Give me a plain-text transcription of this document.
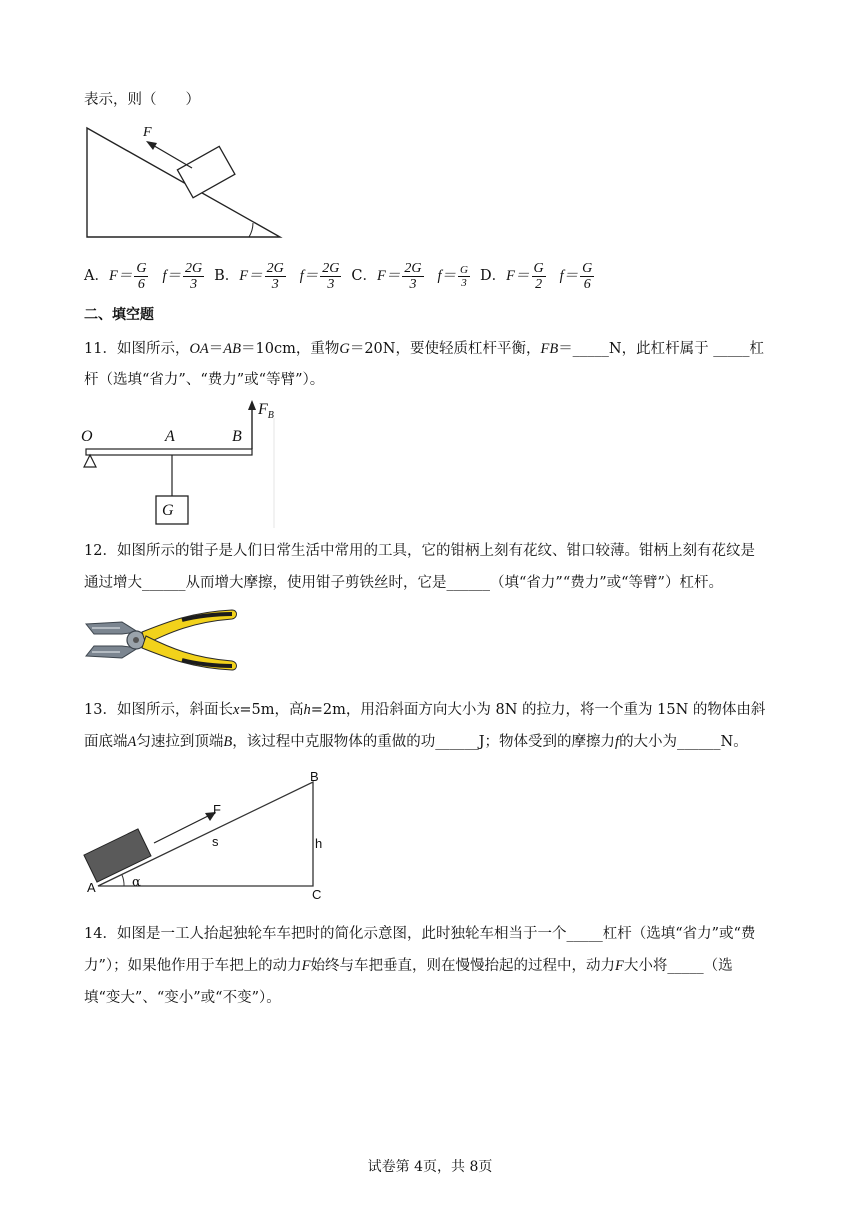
表示，则（　　）
F
A．$F= \frac{G}{6} f= \frac{2G}{3}$ B．$F= \frac{2G}{3} f= \frac{2G}{3}$ C．$F= \frac{2G}{3} f= \frac{G}{3}$ D．$F= \frac{G}{2} f= \frac{G}{6}$
二、填空题
11．如图所示，OA＝AB＝10cm，重物G＝20N，要使轻质杠杆平衡，FB＝_____N，此杠杆属于 _____杠
杆（选填“省力”、“费力”或“等臂”）。
O	A	B
$F_B$
G
12．如图所示的钳子是人们日常生活中常用的工具，它的钳柄上刻有花纹、钳口较薄。钳柄上刻有花纹是
通过增大______从而增大摩擦，使用钳子剪铁丝时，它是______（填“省力”“费力”或“等臂”）杠杆。
13．如图所示，斜面长x=5m，高h=2m，用沿斜面方向大小为 8N 的拉力，将一个重为 15N 的物体由斜
面底端A匀速拉到顶端B，该过程中克服物体的重做的功______J；物体受到的摩擦力f的大小为______N。
B
C
A
h
s
F
α
14．如图是一工人抬起独轮车车把时的简化示意图，此时独轮车相当于一个_____杠杆（选填“省力”或“费
力”）；如果他作用于车把上的动力F始终与车把垂直，则在慢慢抬起的过程中，动力F大小将_____（选
填“变大”、“变小”或“不变”）。
试卷第 4页，共 8页
